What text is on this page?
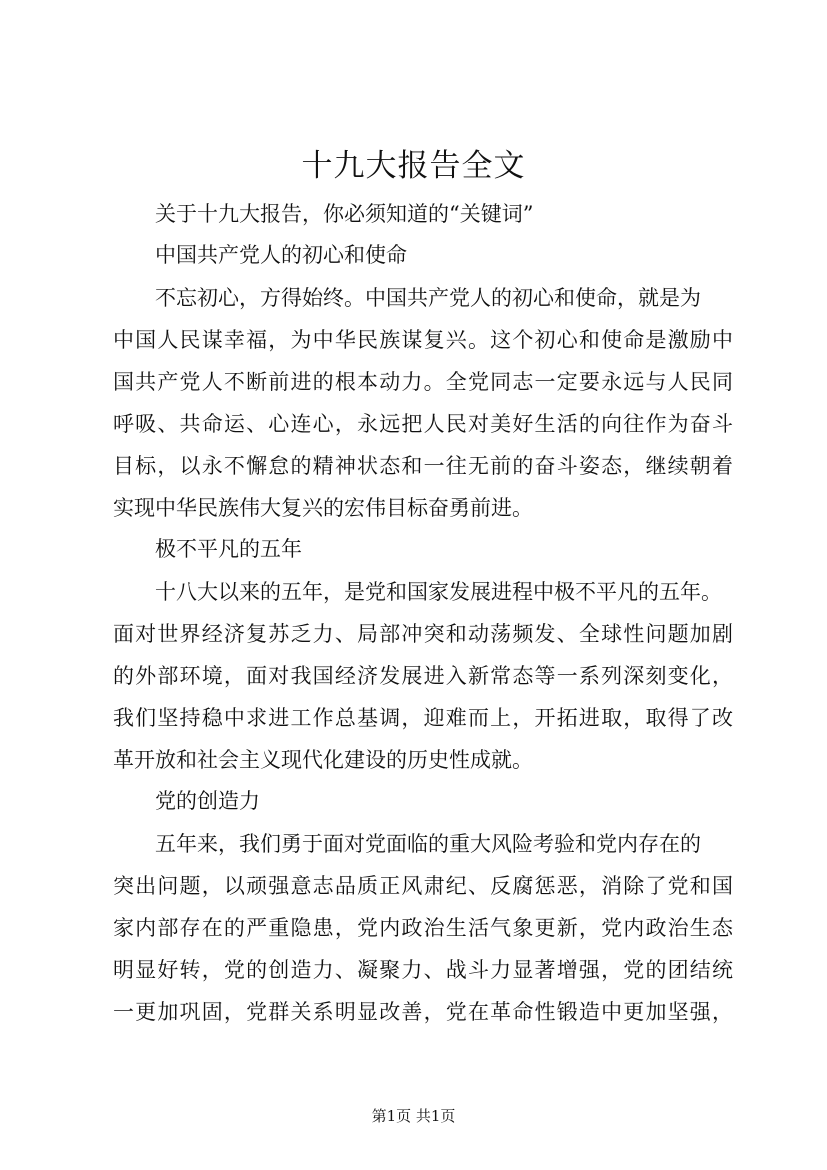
十九大报告全文
关于十九大报告，你必须知道的“关键词”
中国共产党人的初心和使命
不忘初心，方得始终。中国共产党人的初心和使命，就是为
中国人民谋幸福，为中华民族谋复兴。这个初心和使命是激励中
国共产党人不断前进的根本动力。全党同志一定要永远与人民同
呼吸、共命运、心连心，永远把人民对美好生活的向往作为奋斗
目标，以永不懈怠的精神状态和一往无前的奋斗姿态，继续朝着
实现中华民族伟大复兴的宏伟目标奋勇前进。
极不平凡的五年
十八大以来的五年，是党和国家发展进程中极不平凡的五年。
面对世界经济复苏乏力、局部冲突和动荡频发、全球性问题加剧
的外部环境，面对我国经济发展进入新常态等一系列深刻变化，
我们坚持稳中求进工作总基调，迎难而上，开拓进取，取得了改
革开放和社会主义现代化建设的历史性成就。
党的创造力
五年来，我们勇于面对党面临的重大风险考验和党内存在的
突出问题，以顽强意志品质正风肃纪、反腐惩恶，消除了党和国
家内部存在的严重隐患，党内政治生活气象更新，党内政治生态
明显好转，党的创造力、凝聚力、战斗力显著增强，党的团结统
一更加巩固，党群关系明显改善，党在革命性锻造中更加坚强，
第1页 共1页
